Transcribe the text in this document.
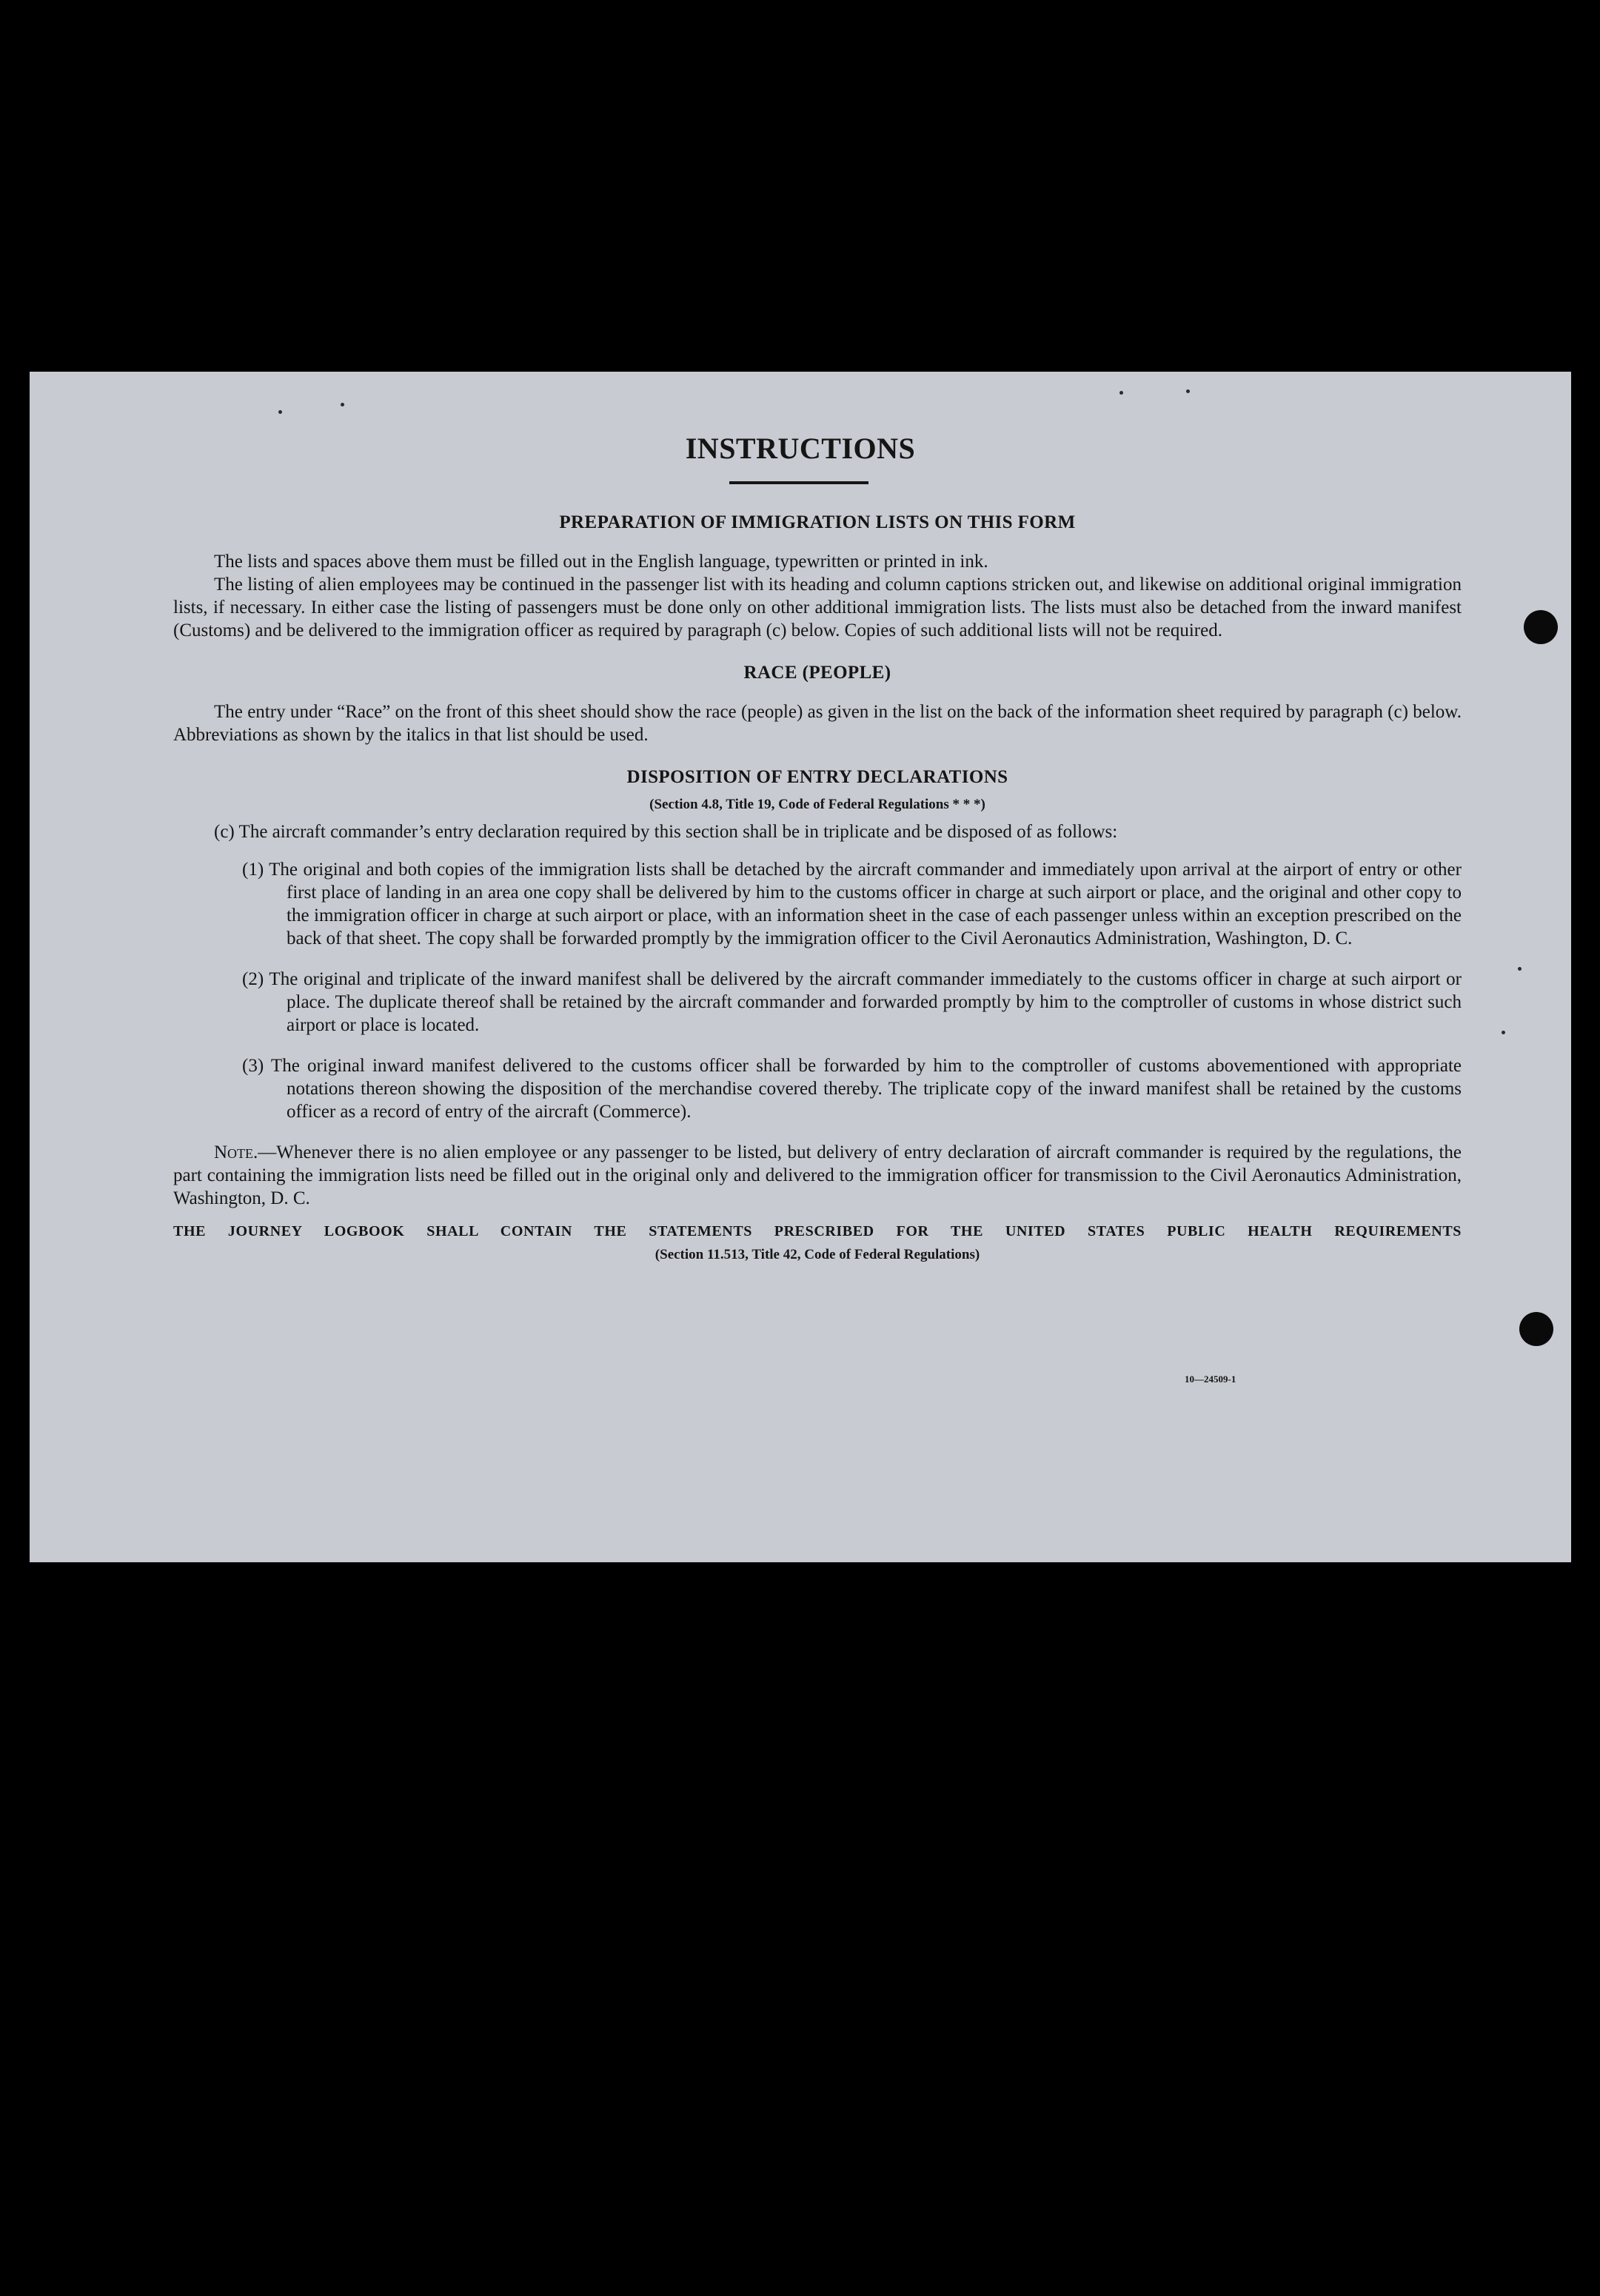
INSTRUCTIONS
PREPARATION OF IMMIGRATION LISTS ON THIS FORM

The lists and spaces above them must be filled out in the English language, typewritten or printed in ink.

The listing of alien employees may be continued in the passenger list with its heading and column captions stricken out, and likewise on additional original immigration lists, if necessary. In either case the listing of passengers must be done only on other additional immigration lists. The lists must also be detached from the inward manifest (Customs) and be delivered to the immigration officer as required by paragraph (c) below. Copies of such additional lists will not be required.

RACE (PEOPLE)

The entry under “Race” on the front of this sheet should show the race (people) as given in the list on the back of the information sheet required by paragraph (c) below. Abbreviations as shown by the italics in that list should be used.

DISPOSITION OF ENTRY DECLARATIONS
(Section 4.8, Title 19, Code of Federal Regulations * * *)

(c) The aircraft commander’s entry declaration required by this section shall be in triplicate and be disposed of as follows:

(1) The original and both copies of the immigration lists shall be detached by the aircraft commander and immediately upon arrival at the airport of entry or other first place of landing in an area one copy shall be delivered by him to the customs officer in charge at such airport or place, and the original and other copy to the immigration officer in charge at such airport or place, with an information sheet in the case of each passenger unless within an exception prescribed on the back of that sheet. The copy shall be forwarded promptly by the immigration officer to the Civil Aeronautics Administration, Washington, D. C.
(2) The original and triplicate of the inward manifest shall be delivered by the aircraft commander immediately to the customs officer in charge at such airport or place. The duplicate thereof shall be retained by the aircraft commander and forwarded promptly by him to the comptroller of customs in whose district such airport or place is located.
(3) The original inward manifest delivered to the customs officer shall be forwarded by him to the comptroller of customs abovementioned with appropriate notations thereon showing the disposition of the merchandise covered thereby. The triplicate copy of the inward manifest shall be retained by the customs officer as a record of entry of the aircraft (Commerce).

Note.—Whenever there is no alien employee or any passenger to be listed, but delivery of entry declaration of aircraft commander is required by the regulations, the part containing the immigration lists need be filled out in the original only and delivered to the immigration officer for transmission to the Civil Aeronautics Administration, Washington, D. C.

THE JOURNEY LOGBOOK SHALL CONTAIN THE STATEMENTS PRESCRIBED FOR THE UNITED STATES PUBLIC HEALTH REQUIREMENTS
(Section 11.513, Title 42, Code of Federal Regulations)
10—24509-1
